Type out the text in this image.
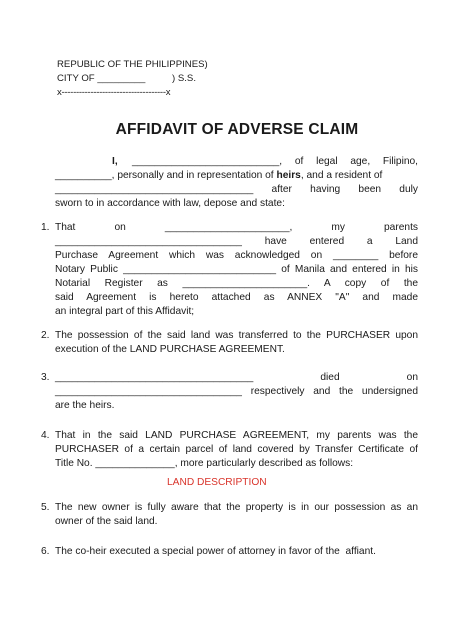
REPUBLIC OF THE PHILIPPINES)
CITY OF _________          ) S.S.
x------------------------------------x
AFFIDAVIT OF ADVERSE CLAIM
I, __________________________, of legal age, Filipino,
__________, personally and in representation of heirs, and a resident of
___________________________________ after having been duly
sworn to in accordance with law, depose and state:
1. That on ______________________, my parents
_________________________________ have entered a Land
Purchase Agreement which was acknowledged on ________ before
Notary Public ___________________________ of Manila and entered in his
Notarial Register as ______________________. A copy of the
said Agreement is hereto attached as ANNEX "A" and made
an integral part of this Affidavit;
2. The possession of the said land was transferred to the PURCHASER upon
execution of the LAND PURCHASE AGREEMENT.
3. ___________________________________ died on
_________________________________ respectively and the undersigned
are the heirs.
4. That in the said LAND PURCHASE AGREEMENT, my parents was the
PURCHASER of a certain parcel of land covered by Transfer Certificate of
Title No. ______________, more particularly described as follows:
LAND DESCRIPTION
5. The new owner is fully aware that the property is in our possession as an
owner of the said land.
6. The co-heir executed a special power of attorney in favor of the  affiant.
